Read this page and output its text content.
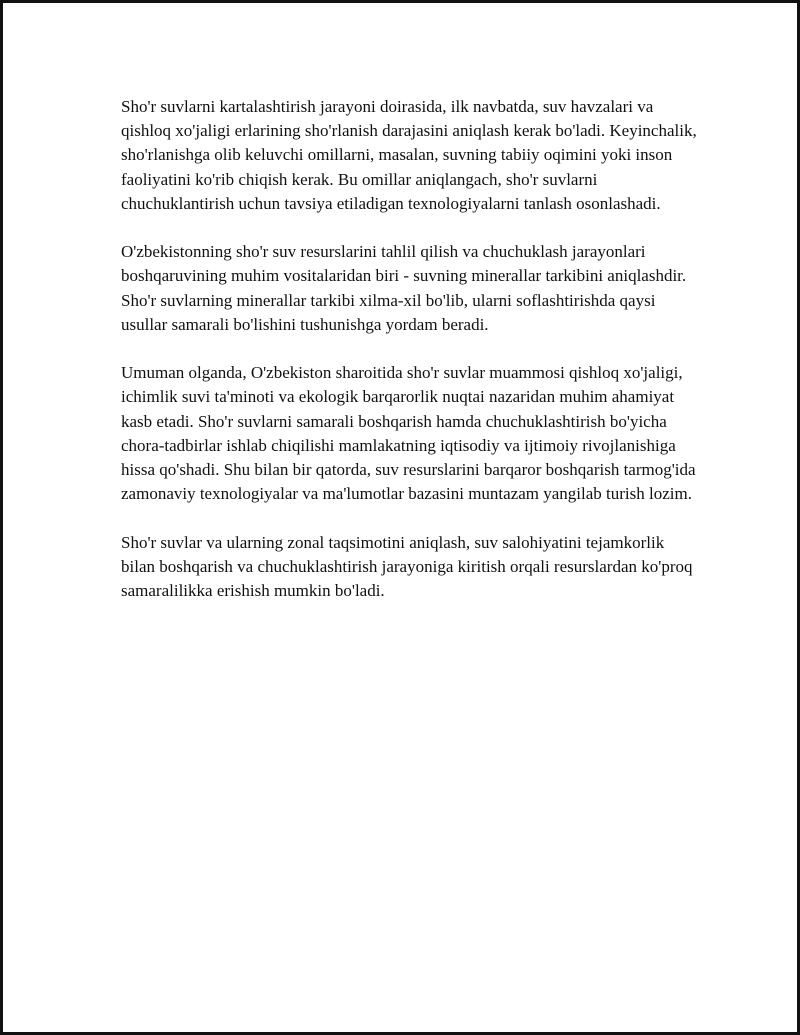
Sho'r suvlarni kartalashtirish jarayoni doirasida, ilk navbatda, suv havzalari va qishloq xo'jaligi erlarining sho'rlanish darajasini aniqlash kerak bo'ladi. Keyinchalik, sho'rlanishga olib keluvchi omillarni, masalan, suvning tabiiy oqimini yoki inson faoliyatini ko'rib chiqish kerak. Bu omillar aniqlangach, sho'r suvlarni chuchuklantirish uchun tavsiya etiladigan texnologiyalarni tanlash osonlashadi.

O'zbekistonning sho'r suv resurslarini tahlil qilish va chuchuklash jarayonlari boshqaruvining muhim vositalaridan biri - suvning minerallar tarkibini aniqlashdir. Sho'r suvlarning minerallar tarkibi xilma-xil bo'lib, ularni soflashtirishda qaysi usullar samarali bo'lishini tushunishga yordam beradi.

Umuman olganda, O'zbekiston sharoitida sho'r suvlar muammosi qishloq xo'jaligi, ichimlik suvi ta'minoti va ekologik barqarorlik nuqtai nazaridan muhim ahamiyat kasb etadi. Sho'r suvlarni samarali boshqarish hamda chuchuklashtirish bo'yicha chora-tadbirlar ishlab chiqilishi mamlakatning iqtisodiy va ijtimoiy rivojlanishiga hissa qo'shadi. Shu bilan bir qatorda, suv resurslarini barqaror boshqarish tarmog'ida zamonaviy texnologiyalar va ma'lumotlar bazasini muntazam yangilab turish lozim.

Sho'r suvlar va ularning zonal taqsimotini aniqlash, suv salohiyatini tejamkorlik bilan boshqarish va chuchuklashtirish jarayoniga kiritish orqali resurslardan ko'proq samaralilikka erishish mumkin bo'ladi.
